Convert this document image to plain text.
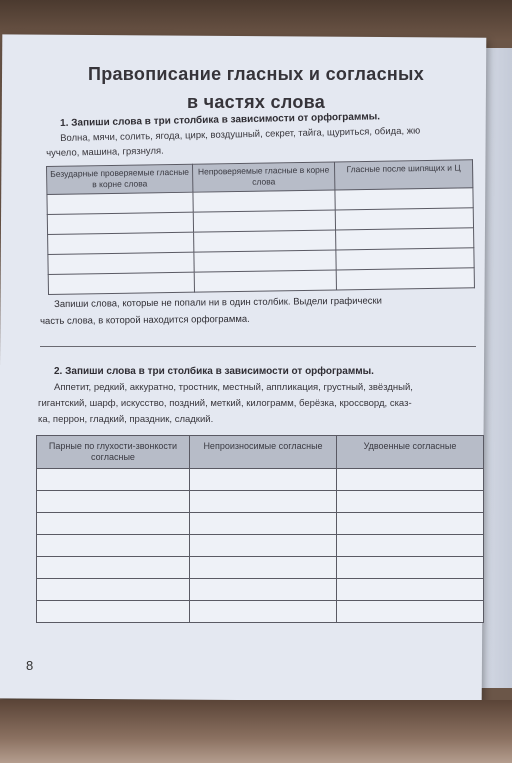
Правописание гласных и согласных
в частях слова
1. Запиши слова в три столбика в зависимости от орфограммы.
Волна, мячи, солить, ягода, цирк, воздушный, секрет, тайга, щуриться, обида, жю
чучело, машина, грязнуля.
Безударные проверяемые гласные в корне слова	Непроверяемые гласные в корне слова	Гласные после шипящих и Ц

Запиши слова, которые не попали ни в один столбик. Выдели графически
часть слова, в которой находится орфограмма.
2. Запиши слова в три столбика в зависимости от орфограммы.
Аппетит, редкий, аккуратно, тростник, местный, аппликация, грустный, звёздный,
гигантский, шарф, искусство, поздний, меткий, килограмм, берёзка, кроссворд, сказ-
ка, перрон, гладкий, праздник, сладкий.
Парные по глухости-звонкости согласные	Непроизносимые согласные	Удвоенные согласные

8
